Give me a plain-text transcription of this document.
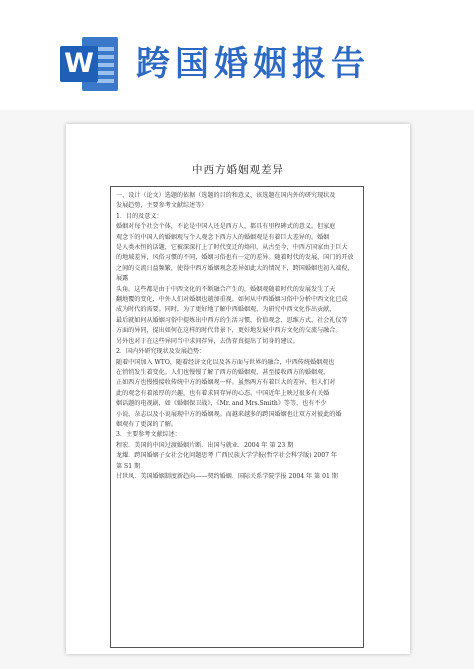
W 跨国婚姻报告
中西方婚姻观差异

一、设计（论文）选题的依据（选题的目的和意义、该选题在国内外的研究现状及
发展趋势，主要参考文献综述等）

1．目的及意义：

婚姻对每个社会个体，不论是中国人还是西方人，都具有里程碑式的意义。但家庭
观念下的中国人的婚姻观与个人观念下西方人的婚姻观是有着巨大差异的。婚姻
是人类永恒的话题，它被深深打上了时代变迁的烙印，从古至今，中西方国家由于巨大
的地域差异，风俗习惯的不同，婚姻习俗也有一定的差异。随着时代的发展，国门的开放
之间的交流日益频繁，使得中西方婚姻观念差异如此大的情况下，跨国婚姻也初入端倪，展露
头角。这些都是由于中西文化的不断融合产生的，婚姻观随着时代的发展发生了天
翻地覆的变化，中外人们对婚姻也越加重视。如何从中西婚姻习俗中分析中西文化已成
成为时代的需要。同时，为了更好地了解中西婚姻观，为研究中西文化作出贡献，
最后就如何从婚姻习俗中提炼出中西方的生活习惯、价值观念、思维方式、社会礼仪等
方面的异同，提出如何在这样的时代背景下，更好地发展中西方文化的交流与融合。
另外也对于在这些异同当中求同存异，去伪存真提出了切身的建议。

2．国内外研究现状及发展趋势：

随着中国加入 WTO，随着经济文化以及各方面与世界的融合，中西传统婚姻观也
在悄悄发生着变化。人们也慢慢了解了西方的婚姻观，甚至接收西方的婚姻观，
正如西方也慢慢接收传统中方的婚姻观一样。虽然两方有着巨大的差异，但人们对
此的观念有着浓厚的兴趣，也有着求同存异的心态。中国近年上映过很多有关婚
姻话题的电视剧，如《婚姻保卫战》，《Mr. and Mrs.Smith》等等，也有不少
小说，杂志以及小说展现中方的婚姻观。而越来越多的跨国婚姻也让双方对彼此的婚
姻观有了更深的了解。

3．主要参考文献综述：

程宏．美国的中国过渡婚姻片断．出国与就业．2004 年 第 23 期

龙耀．跨国婚姻子女社会化问题思考 广西民族大学学报(哲学社会科学版) 2007 年
第 S1 期

甘世凤．美国婚姻制度新趋向——契约婚姻．国际关系学院学报 2004 年 第 01 期
